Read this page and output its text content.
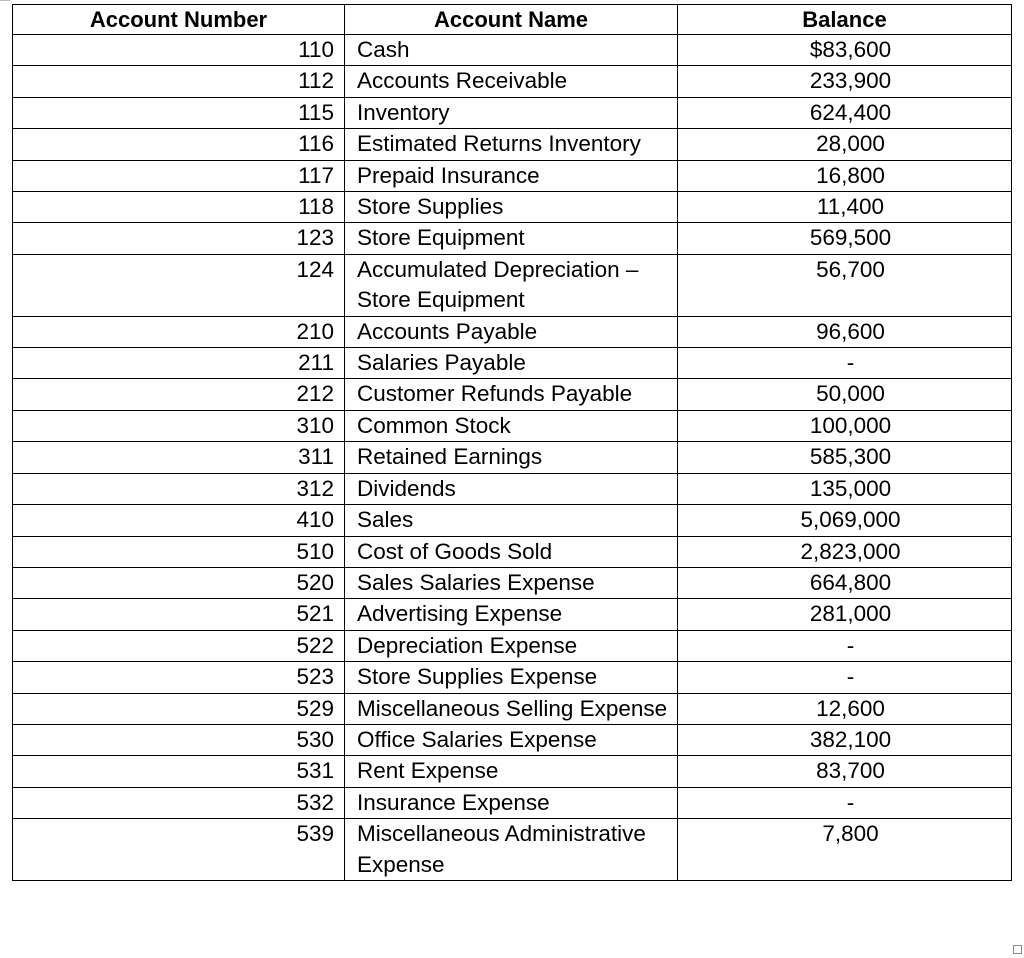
Account Number	Account Name	Balance
110	Cash	$83,600
112	Accounts Receivable	233,900
115	Inventory	624,400
116	Estimated Returns Inventory	28,000
117	Prepaid Insurance	16,800
118	Store Supplies	11,400
123	Store Equipment	569,500
124	Accumulated Depreciation – Store Equipment	56,700
210	Accounts Payable	96,600
211	Salaries Payable	-
212	Customer Refunds Payable	50,000
310	Common Stock	100,000
311	Retained Earnings	585,300
312	Dividends	135,000
410	Sales	5,069,000
510	Cost of Goods Sold	2,823,000
520	Sales Salaries Expense	664,800
521	Advertising Expense	281,000
522	Depreciation Expense	-
523	Store Supplies Expense	-
529	Miscellaneous Selling Expense	12,600
530	Office Salaries Expense	382,100
531	Rent Expense	83,700
532	Insurance Expense	-
539	Miscellaneous Administrative Expense	7,800
